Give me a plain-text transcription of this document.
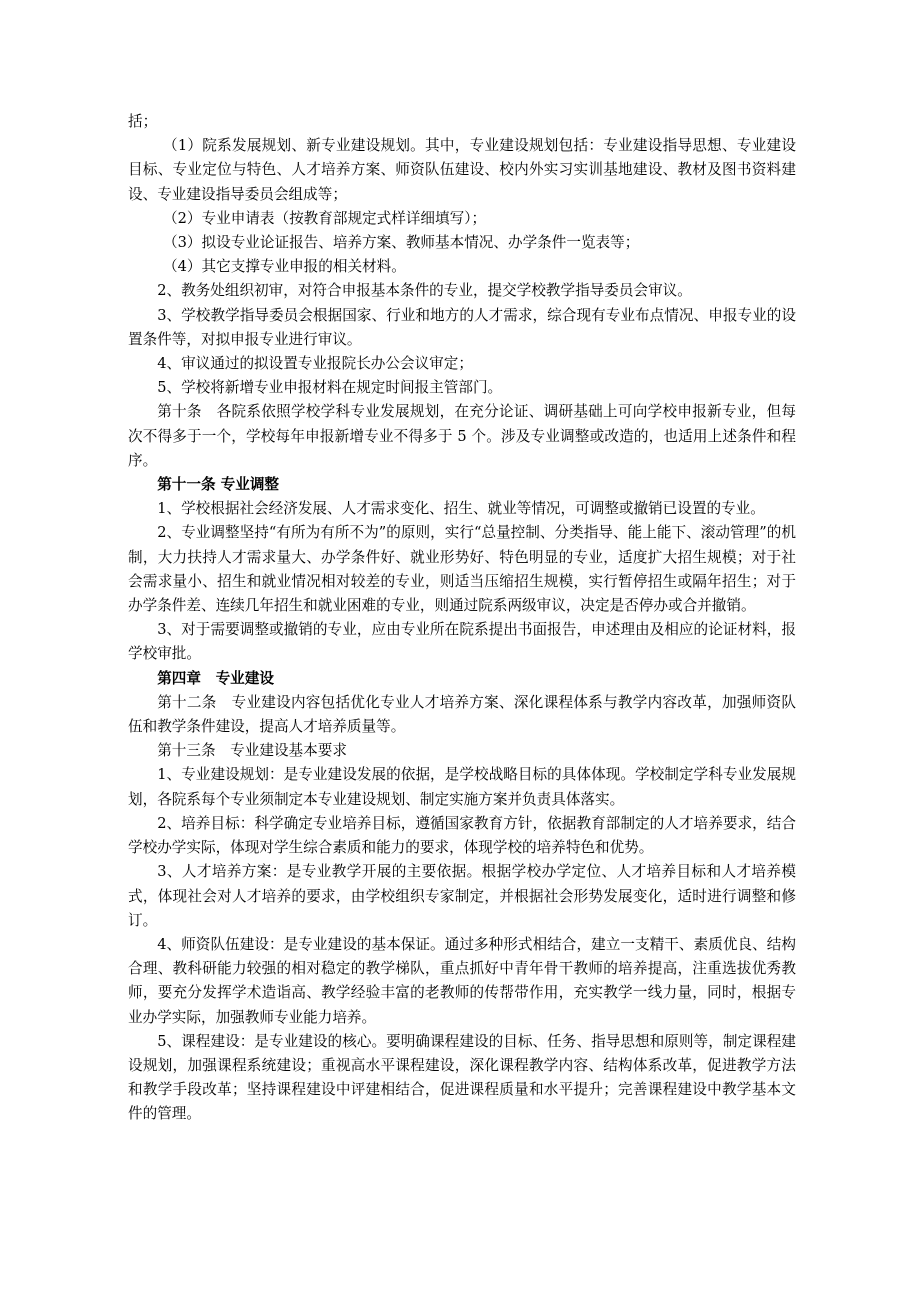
括；

（1）院系发展规划、新专业建设规划。其中，专业建设规划包括：专业建设指导思想、专业建设目标、专业定位与特色、人才培养方案、师资队伍建设、校内外实习实训基地建设、教材及图书资料建设、专业建设指导委员会组成等；

（2）专业申请表（按教育部规定式样详细填写）；

（3）拟设专业论证报告、培养方案、教师基本情况、办学条件一览表等；

（4）其它支撑专业申报的相关材料。

2、教务处组织初审，对符合申报基本条件的专业，提交学校教学指导委员会审议。

3、学校教学指导委员会根据国家、行业和地方的人才需求，综合现有专业布点情况、申报专业的设置条件等，对拟申报专业进行审议。

4、审议通过的拟设置专业报院长办公会议审定；

5、学校将新增专业申报材料在规定时间报主管部门。

第十条　各院系依照学校学科专业发展规划，在充分论证、调研基础上可向学校申报新专业，但每次不得多于一个，学校每年申报新增专业不得多于 5 个。涉及专业调整或改造的，也适用上述条件和程序。

第十一条 专业调整

1、学校根据社会经济发展、人才需求变化、招生、就业等情况，可调整或撤销已设置的专业。

2、专业调整坚持“有所为有所不为”的原则，实行“总量控制、分类指导、能上能下、滚动管理”的机制，大力扶持人才需求量大、办学条件好、就业形势好、特色明显的专业，适度扩大招生规模；对于社会需求量小、招生和就业情况相对较差的专业，则适当压缩招生规模，实行暂停招生或隔年招生；对于办学条件差、连续几年招生和就业困难的专业，则通过院系两级审议，决定是否停办或合并撤销。

3、对于需要调整或撤销的专业，应由专业所在院系提出书面报告，申述理由及相应的论证材料，报学校审批。

第四章　专业建设

第十二条　专业建设内容包括优化专业人才培养方案、深化课程体系与教学内容改革，加强师资队伍和教学条件建设，提高人才培养质量等。

第十三条　专业建设基本要求

1、专业建设规划：是专业建设发展的依据，是学校战略目标的具体体现。学校制定学科专业发展规划，各院系每个专业须制定本专业建设规划、制定实施方案并负责具体落实。

2、培养目标：科学确定专业培养目标，遵循国家教育方针，依据教育部制定的人才培养要求，结合学校办学实际，体现对学生综合素质和能力的要求，体现学校的培养特色和优势。

3、人才培养方案：是专业教学开展的主要依据。根据学校办学定位、人才培养目标和人才培养模式，体现社会对人才培养的要求，由学校组织专家制定，并根据社会形势发展变化，适时进行调整和修订。

4、师资队伍建设：是专业建设的基本保证。通过多种形式相结合，建立一支精干、素质优良、结构合理、教科研能力较强的相对稳定的教学梯队，重点抓好中青年骨干教师的培养提高，注重选拔优秀教师，要充分发挥学术造诣高、教学经验丰富的老教师的传帮带作用，充实教学一线力量，同时，根据专业办学实际，加强教师专业能力培养。

5、课程建设：是专业建设的核心。要明确课程建设的目标、任务、指导思想和原则等，制定课程建设规划，加强课程系统建设；重视高水平课程建设，深化课程教学内容、结构体系改革，促进教学方法和教学手段改革；坚持课程建设中评建相结合，促进课程质量和水平提升；完善课程建设中教学基本文件的管理。
